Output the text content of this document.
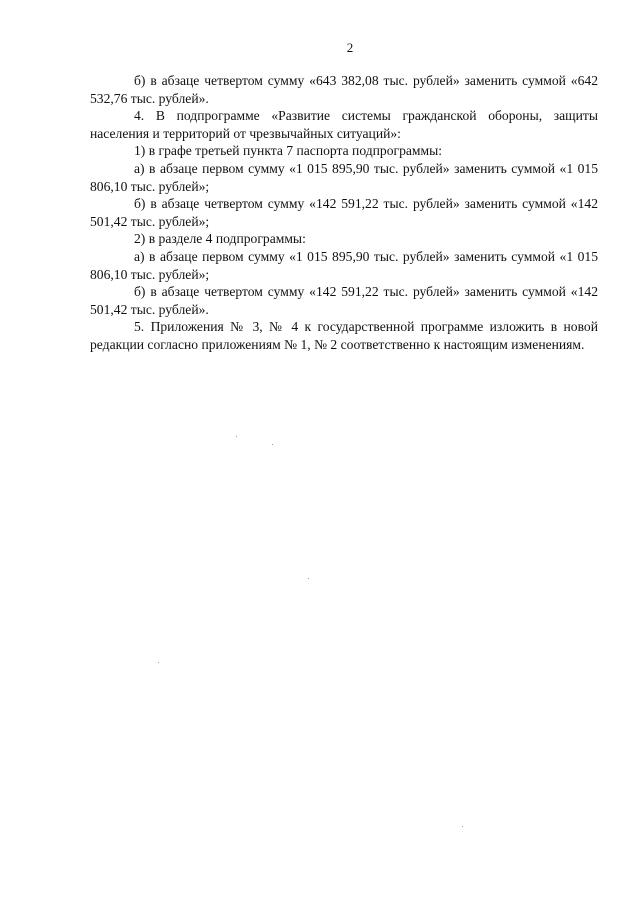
2

б) в абзаце четвертом сумму «643 382,08 тыс. рублей» заменить суммой «642 532,76 тыс. рублей».

4. В подпрограмме «Развитие системы гражданской обороны, защиты населения и территорий от чрезвычайных ситуаций»:

1) в графе третьей пункта 7 паспорта подпрограммы:

а) в абзаце первом сумму «1 015 895,90 тыс. рублей» заменить суммой «1 015 806,10 тыс. рублей»;

б) в абзаце четвертом сумму «142 591,22 тыс. рублей» заменить суммой «142 501,42 тыс. рублей»;

2) в разделе 4 подпрограммы:

а) в абзаце первом сумму «1 015 895,90 тыс. рублей» заменить суммой «1 015 806,10 тыс. рублей»;

б) в абзаце четвертом сумму «142 591,22 тыс. рублей» заменить суммой «142 501,42 тыс. рублей».

5. Приложения № 3, № 4 к государственной программе изложить в новой редакции согласно приложениям № 1, № 2 соответственно к настоящим изменениям.
